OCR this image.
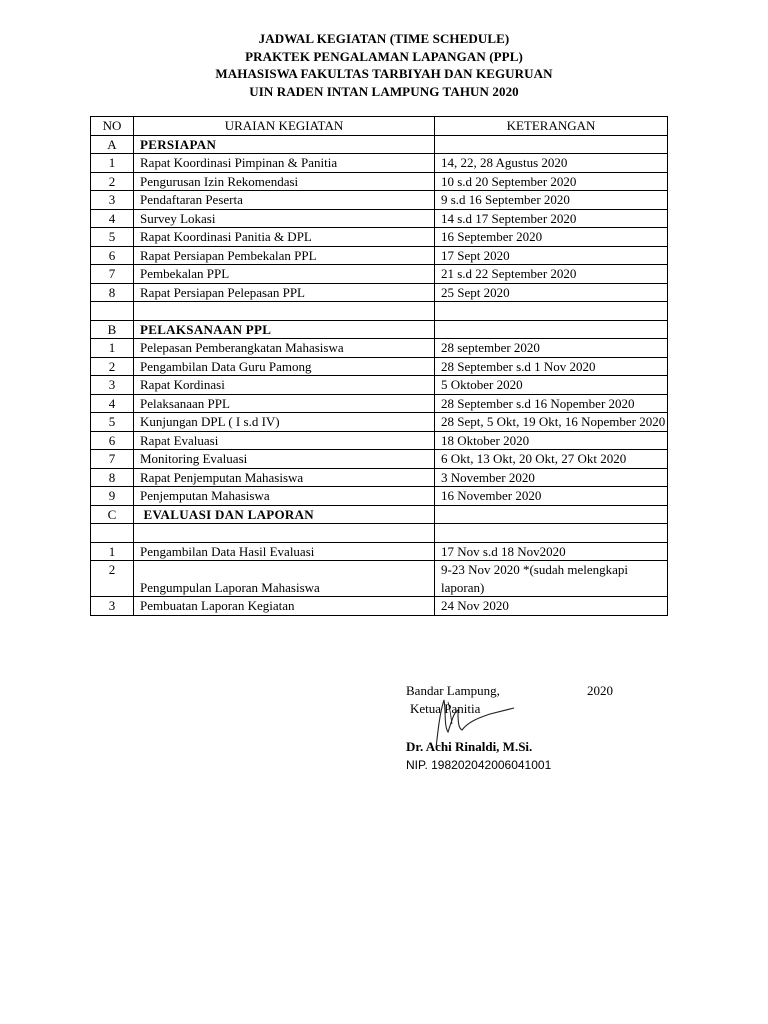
JADWAL KEGIATAN (TIME SCHEDULE)
PRAKTEK PENGALAMAN LAPANGAN (PPL)
MAHASISWA FAKULTAS TARBIYAH DAN KEGURUAN
UIN RADEN INTAN LAMPUNG TAHUN 2020
NO	URAIAN KEGIATAN	KETERANGAN
A	PERSIAPAN	
1	Rapat Koordinasi Pimpinan & Panitia	14, 22, 28 Agustus 2020
2	Pengurusan Izin Rekomendasi	10 s.d 20 September 2020
3	Pendaftaran Peserta	9 s.d 16 September 2020
4	Survey Lokasi	14 s.d 17 September 2020
5	Rapat Koordinasi Panitia & DPL	16 September 2020
6	Rapat Persiapan Pembekalan PPL	17 Sept 2020
7	Pembekalan PPL	21 s.d 22 September 2020
8	Rapat Persiapan Pelepasan PPL	25 Sept 2020

B	PELAKSANAAN PPL	
1	Pelepasan Pemberangkatan Mahasiswa	28 september 2020
2	Pengambilan Data Guru Pamong	28 September s.d 1 Nov 2020
3	Rapat Kordinasi	5 Oktober 2020
4	Pelaksanaan PPL	28 September s.d 16 Nopember 2020
5	Kunjungan DPL ( I s.d IV)	28 Sept, 5 Okt, 19 Okt, 16 Nopember 2020
6	Rapat Evaluasi	18 Oktober 2020
7	Monitoring Evaluasi	6 Okt, 13 Okt, 20 Okt, 27 Okt 2020
8	Rapat Penjemputan Mahasiswa	3 November 2020
9	Penjemputan Mahasiswa	16 November 2020
C	EVALUASI DAN LAPORAN	

1	Pengambilan Data Hasil Evaluasi	17 Nov s.d 18 Nov2020
2	Pengumpulan Laporan Mahasiswa	9-23 Nov 2020 *(sudah melengkapi laporan)
3	Pembuatan Laporan Kegiatan	24 Nov 2020
Bandar Lampung,	2020
Ketua Panitia
Dr. Achi Rinaldi, M.Si.
NIP. 198202042006041001
